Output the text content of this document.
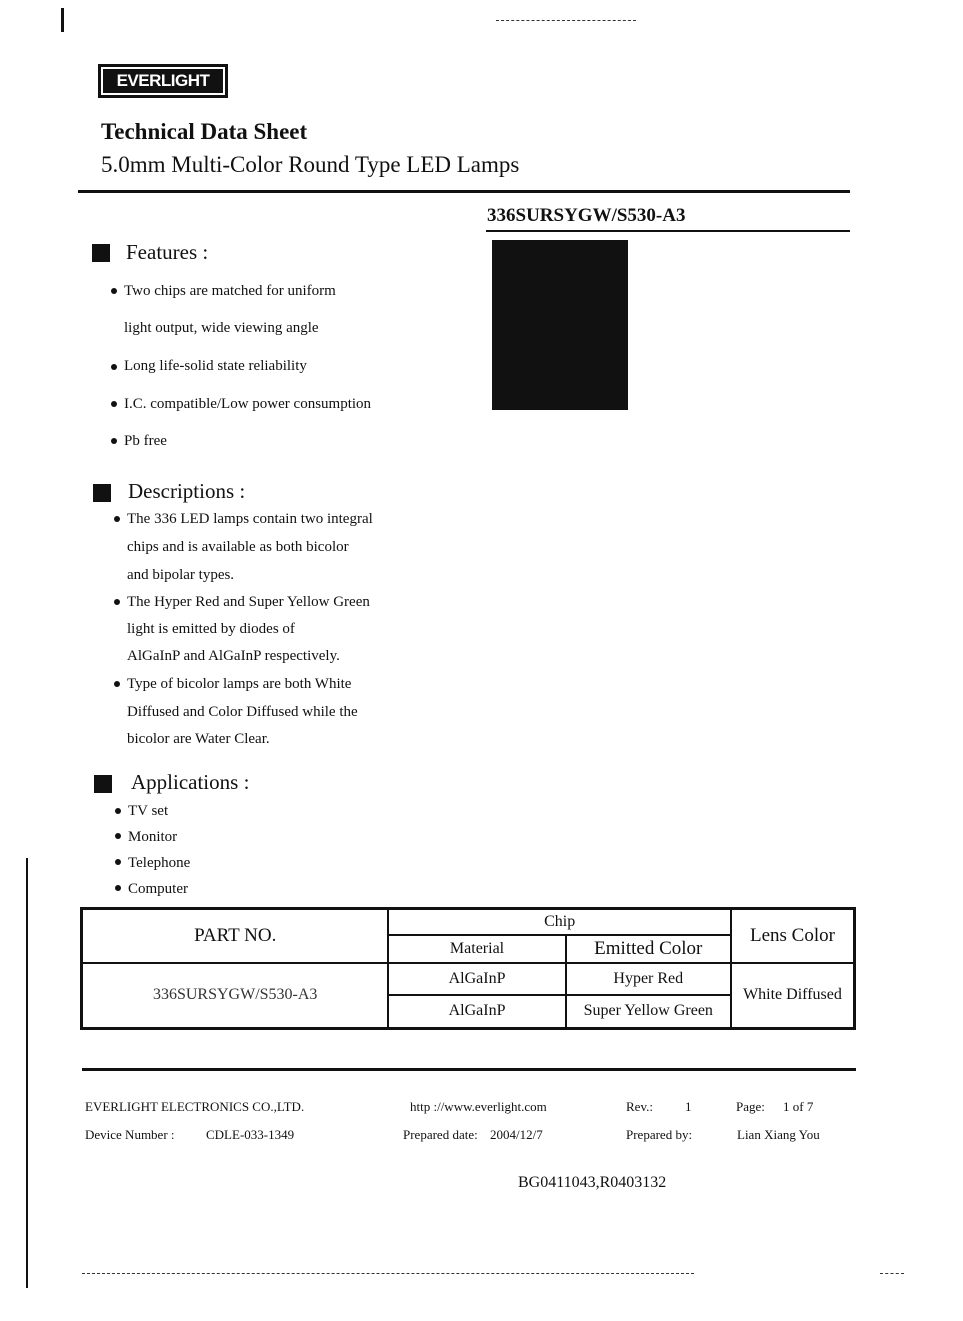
EVERLIGHT
Technical Data Sheet
5.0mm Multi-Color Round Type LED Lamps
336SURSYGW/S530-A3
Features :
Two chips are matched for uniform
light output, wide viewing angle
Long life-solid state reliability
I.C. compatible/Low power consumption
Pb free
Descriptions :
The 336 LED lamps contain two integral
chips and is available as both bicolor
and bipolar types.
The Hyper Red and Super Yellow Green
light is emitted by diodes of
AlGaInP and AlGaInP respectively.
Type of bicolor lamps are both White
Diffused and Color Diffused while the
bicolor are Water Clear.
Applications :
TV set
Monitor
Telephone
Computer
PART NO.	Chip		Lens Color
	Material	Emitted Color	
336SURSYGW/S530-A3	AlGaInP	Hyper Red	White Diffused
	AlGaInP	Super Yellow Green	
EVERLIGHT ELECTRONICS CO.,LTD.	http ://www.everlight.com	Rev.: 1	Page: 1 of 7
Device Number : CDLE-033-1349	Prepared date: 2004/12/7	Prepared by:	Lian Xiang You
BG0411043,R0403132
